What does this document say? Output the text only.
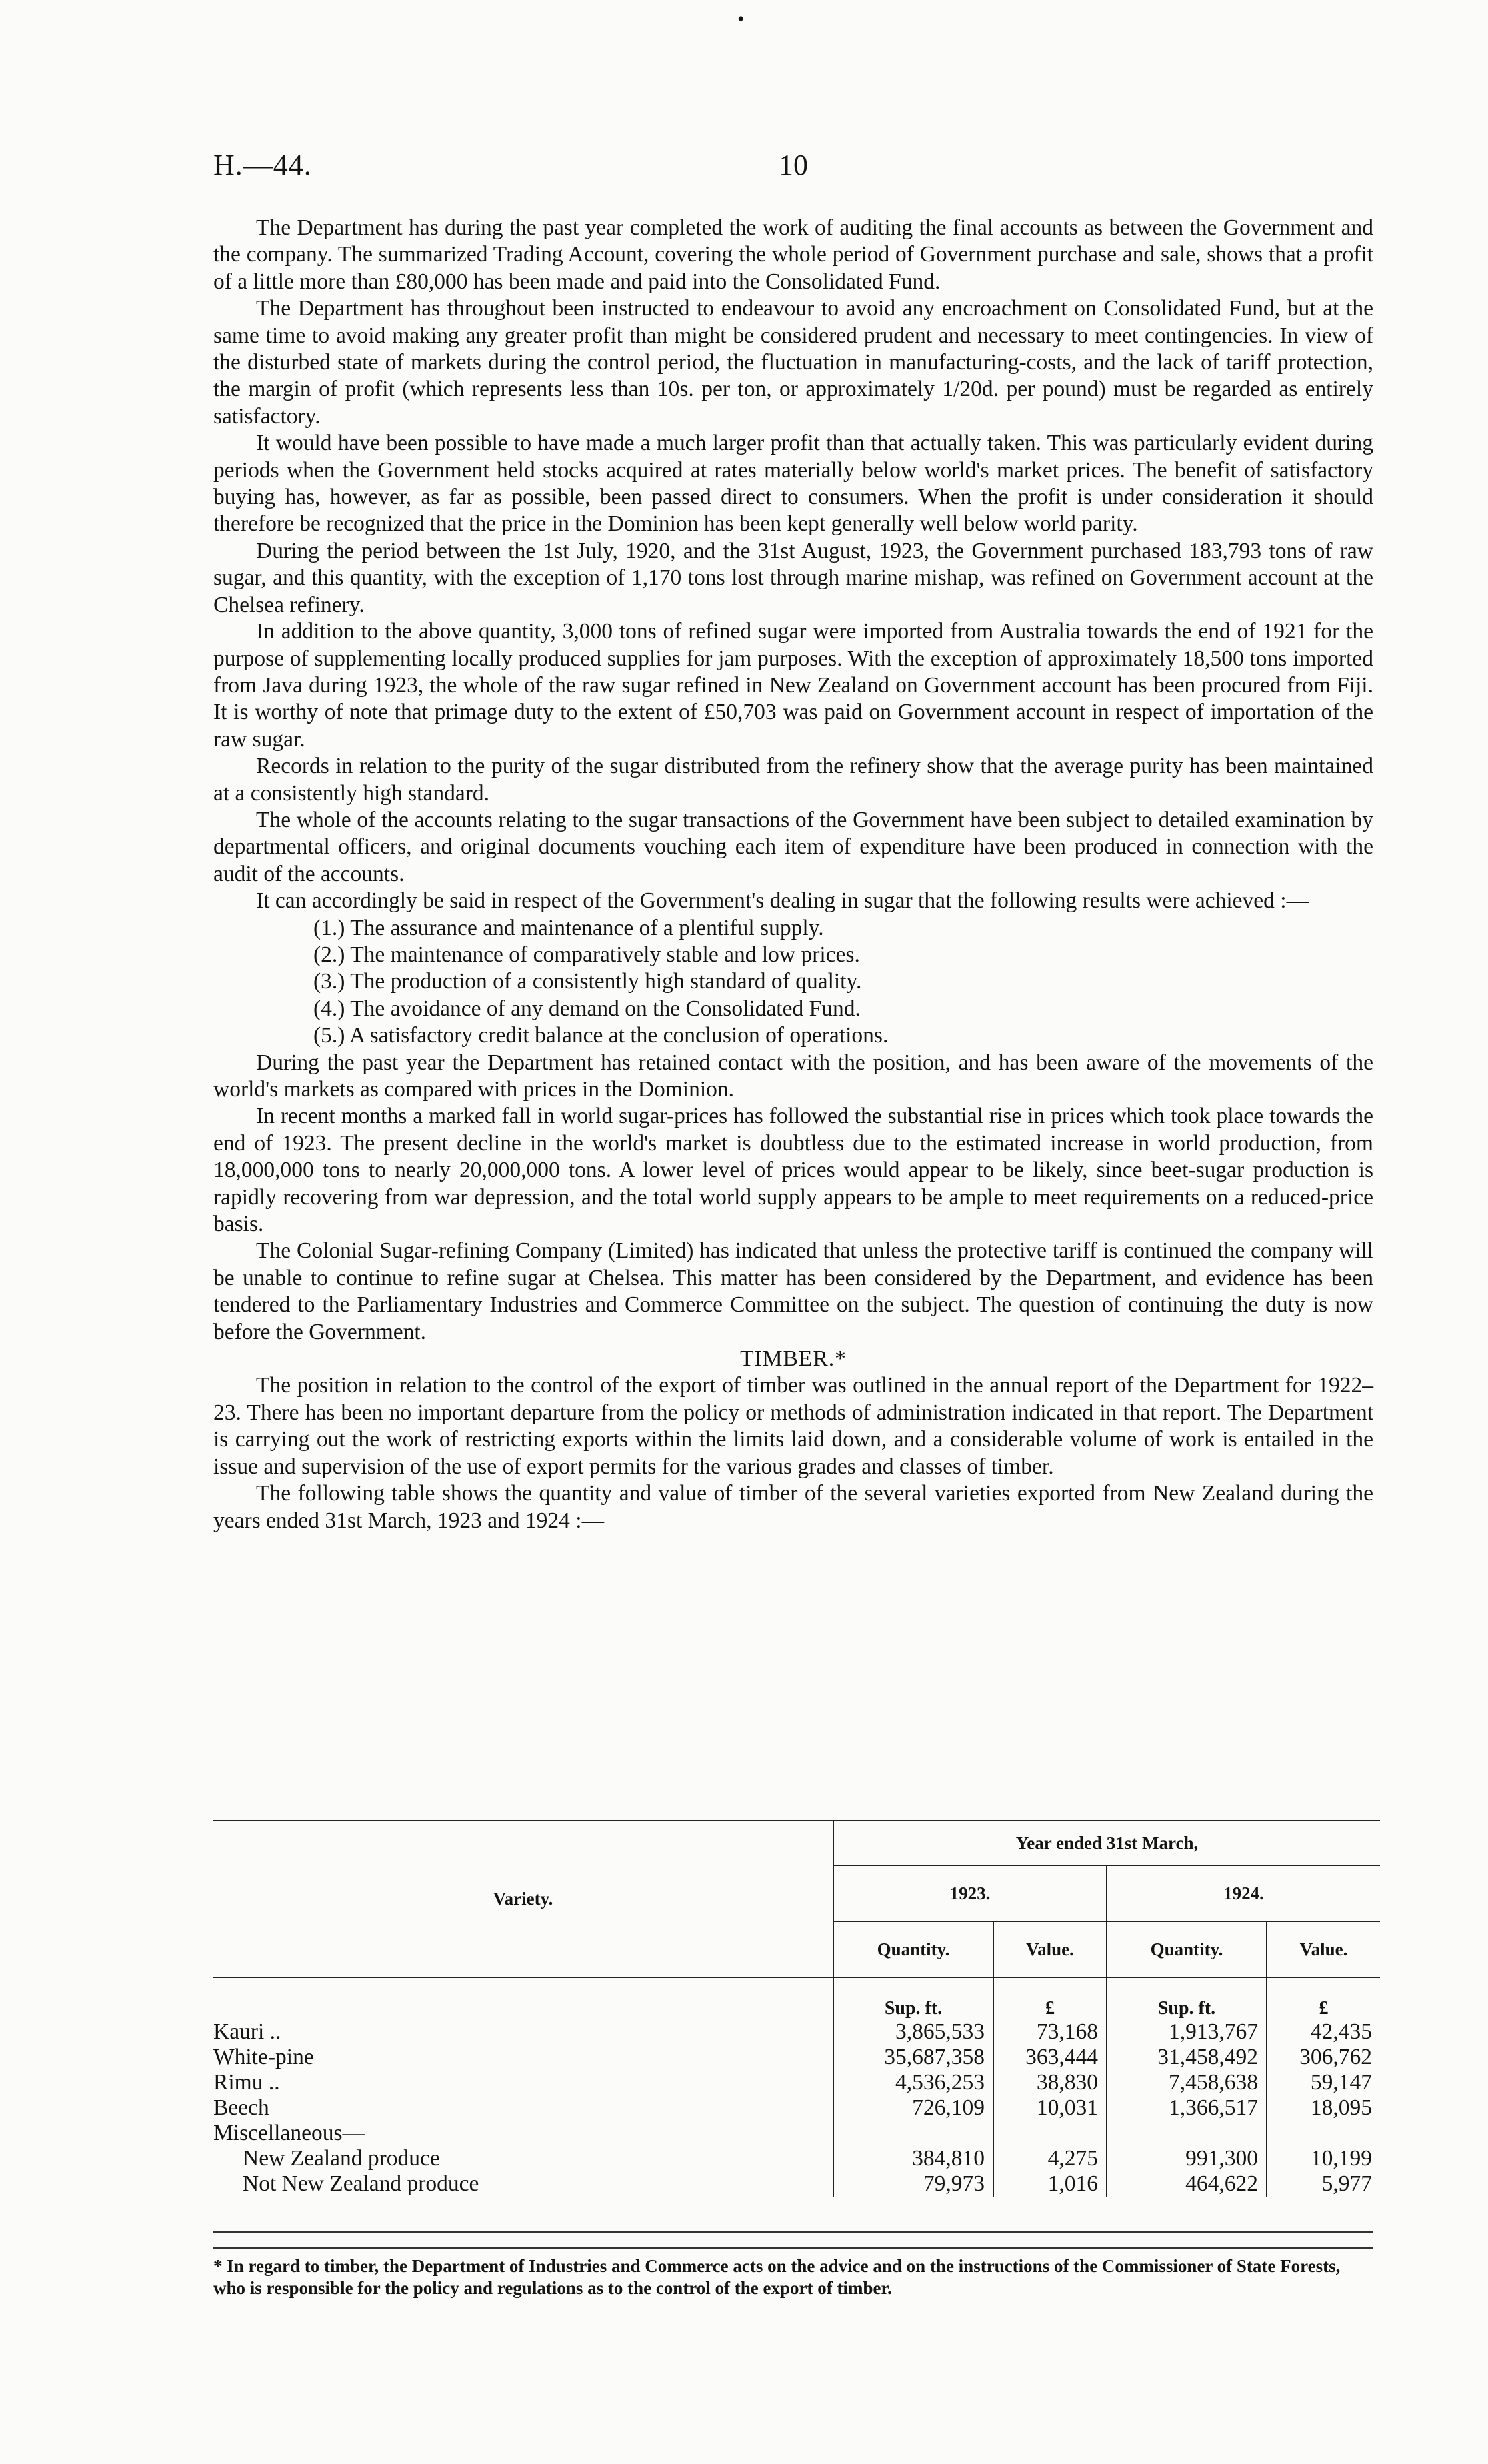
•
H.—44.	10

The Department has during the past year completed the work of auditing the final accounts as between the Government and the company. The summarized Trading Account, covering the whole period of Government purchase and sale, shows that a profit of a little more than £80,000 has been made and paid into the Consolidated Fund.

The Department has throughout been instructed to endeavour to avoid any encroachment on Consolidated Fund, but at the same time to avoid making any greater profit than might be considered prudent and necessary to meet contingencies. In view of the disturbed state of markets during the control period, the fluctuation in manufacturing-costs, and the lack of tariff protection, the margin of profit (which represents less than 10s. per ton, or approximately 1/20d. per pound) must be regarded as entirely satisfactory.

It would have been possible to have made a much larger profit than that actually taken. This was particularly evident during periods when the Government held stocks acquired at rates materially below world's market prices. The benefit of satisfactory buying has, however, as far as possible, been passed direct to consumers. When the profit is under consideration it should therefore be recognized that the price in the Dominion has been kept generally well below world parity.

During the period between the 1st July, 1920, and the 31st August, 1923, the Government purchased 183,793 tons of raw sugar, and this quantity, with the exception of 1,170 tons lost through marine mishap, was refined on Government account at the Chelsea refinery.

In addition to the above quantity, 3,000 tons of refined sugar were imported from Australia towards the end of 1921 for the purpose of supplementing locally produced supplies for jam purposes. With the exception of approximately 18,500 tons imported from Java during 1923, the whole of the raw sugar refined in New Zealand on Government account has been procured from Fiji. It is worthy of note that primage duty to the extent of £50,703 was paid on Government account in respect of importation of the raw sugar.

Records in relation to the purity of the sugar distributed from the refinery show that the average purity has been maintained at a consistently high standard.

The whole of the accounts relating to the sugar transactions of the Government have been subject to detailed examination by departmental officers, and original documents vouching each item of expenditure have been produced in connection with the audit of the accounts.

It can accordingly be said in respect of the Government's dealing in sugar that the following results were achieved :—

(1.) The assurance and maintenance of a plentiful supply.
(2.) The maintenance of comparatively stable and low prices.
(3.) The production of a consistently high standard of quality.
(4.) The avoidance of any demand on the Consolidated Fund.
(5.) A satisfactory credit balance at the conclusion of operations.

During the past year the Department has retained contact with the position, and has been aware of the movements of the world's markets as compared with prices in the Dominion.

In recent months a marked fall in world sugar-prices has followed the substantial rise in prices which took place towards the end of 1923. The present decline in the world's market is doubtless due to the estimated increase in world production, from 18,000,000 tons to nearly 20,000,000 tons. A lower level of prices would appear to be likely, since beet-sugar production is rapidly recovering from war depression, and the total world supply appears to be ample to meet requirements on a reduced-price basis.

The Colonial Sugar-refining Company (Limited) has indicated that unless the protective tariff is continued the company will be unable to continue to refine sugar at Chelsea. This matter has been considered by the Department, and evidence has been tendered to the Parliamentary Industries and Commerce Committee on the subject. The question of continuing the duty is now before the Government.

TIMBER.*

The position in relation to the control of the export of timber was outlined in the annual report of the Department for 1922–23. There has been no important departure from the policy or methods of administration indicated in that report. The Department is carrying out the work of restricting exports within the limits laid down, and a considerable volume of work is entailed in the issue and supervision of the use of export permits for the various grades and classes of timber.

The following table shows the quantity and value of timber of the several varieties exported from New Zealand during the years ended 31st March, 1923 and 1924 :—

Variety.	Year ended 31st March,			
	1923.		1924.	
	Quantity.	Value.	Quantity.	Value.
	Sup. ft.	£	Sup. ft.	£
Kauri ..	3,865,533	73,168	1,913,767	42,435
White-pine	35,687,358	363,444	31,458,492	306,762
Rimu ..	4,536,253	38,830	7,458,638	59,147
Beech	726,109	10,031	1,366,517	18,095
Miscellaneous—				
New Zealand produce	384,810	4,275	991,300	10,199
Not New Zealand produce	79,973	1,016	464,622	5,977
* In regard to timber, the Department of Industries and Commerce acts on the advice and on the instructions of the Commissioner of State Forests, who is responsible for the policy and regulations as to the control of the export of timber.
